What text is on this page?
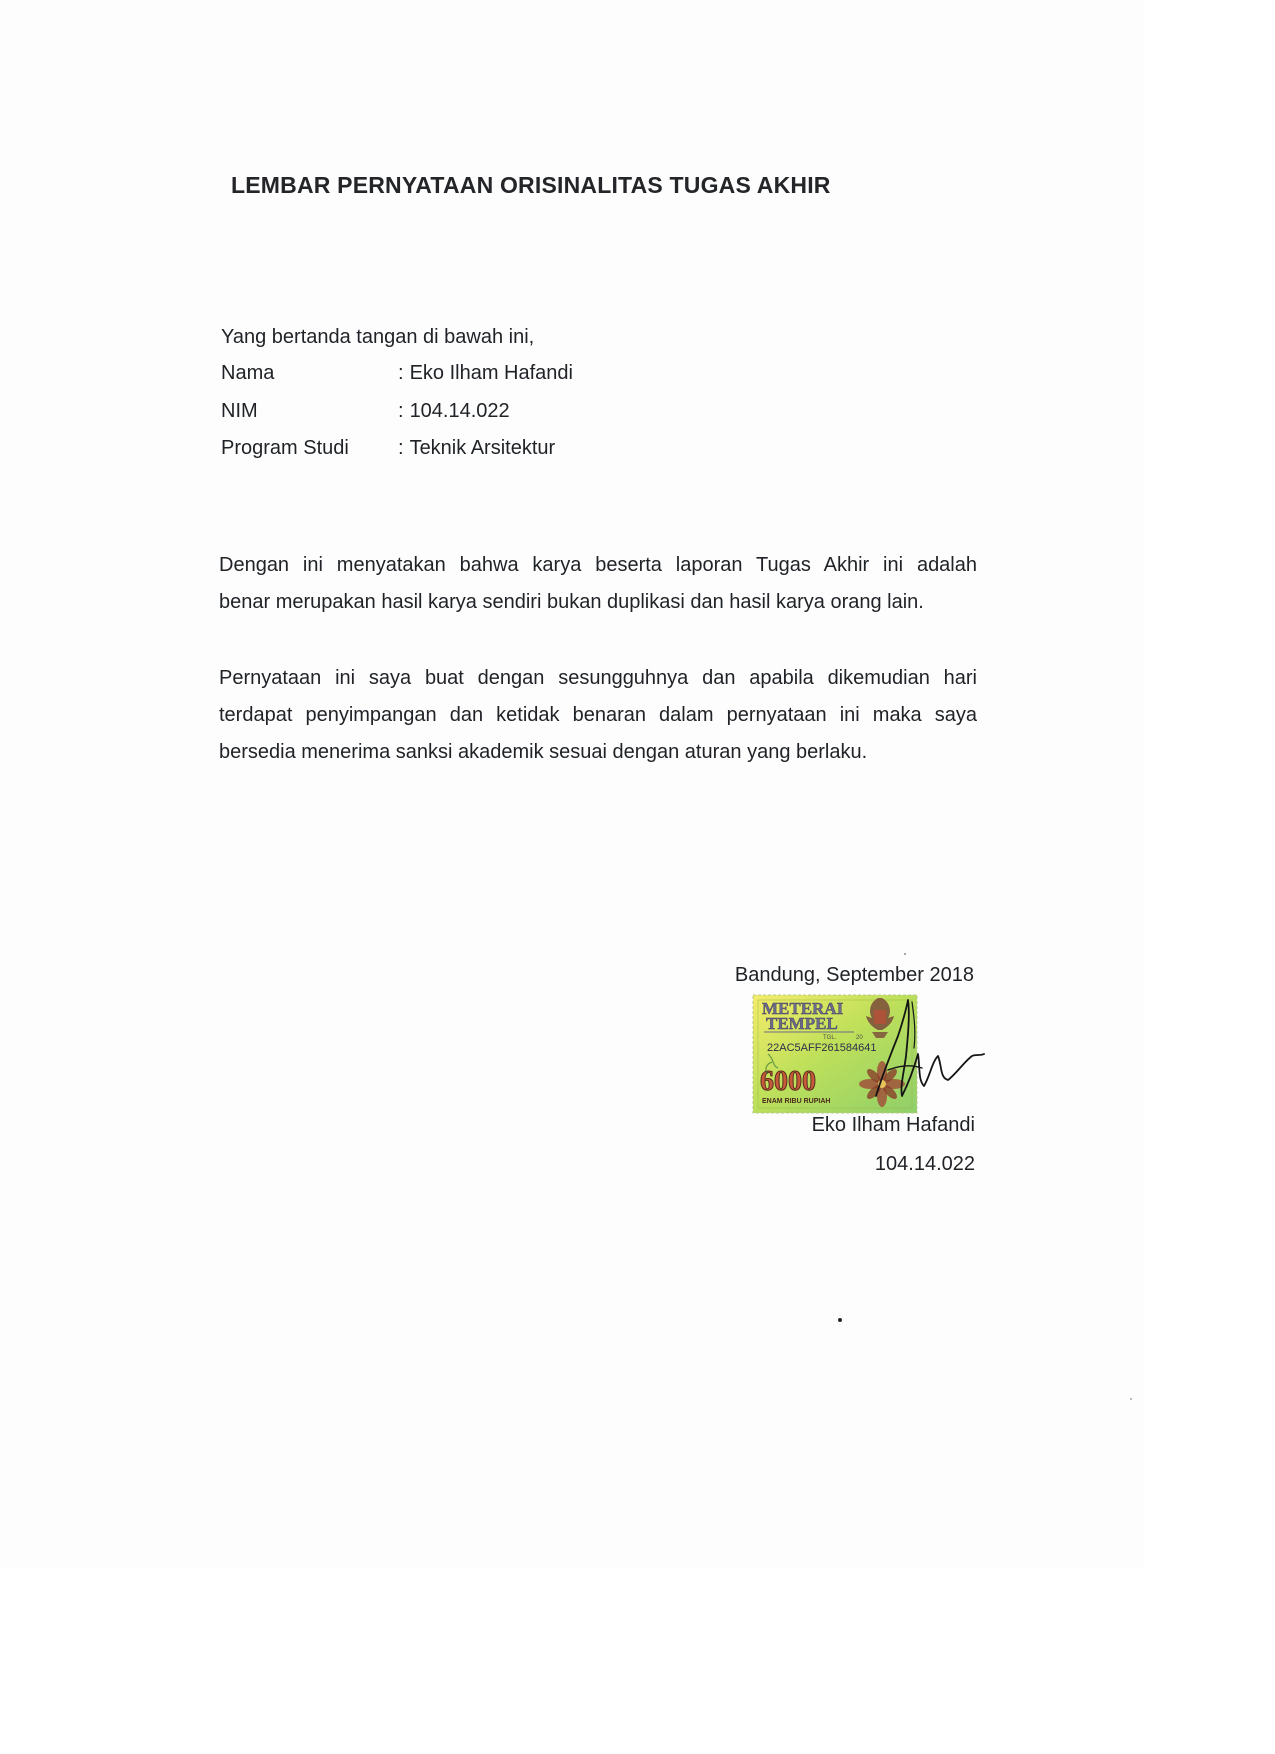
LEMBAR PERNYATAAN ORISINALITAS TUGAS AKHIR
Yang bertanda tangan di bawah ini,
Nama	: Eko Ilham Hafandi
NIM	: 104.14.022
Program Studi : Teknik Arsitektur
Dengan ini menyatakan bahwa karya beserta laporan Tugas Akhir ini adalah
benar merupakan hasil karya sendiri bukan duplikasi dan hasil karya orang lain.
Pernyataan ini saya buat dengan sesungguhnya dan apabila dikemudian hari
terdapat penyimpangan dan ketidak benaran dalam pernyataan ini maka saya
bersedia menerima sanksi akademik sesuai dengan aturan yang berlaku.
Bandung, September 2018
METERAI
TEMPEL
TGL.	20
22AC5AFF261584641
6000
ENAM RIBU RUPIAH
Eko Ilham Hafandi
104.14.022
